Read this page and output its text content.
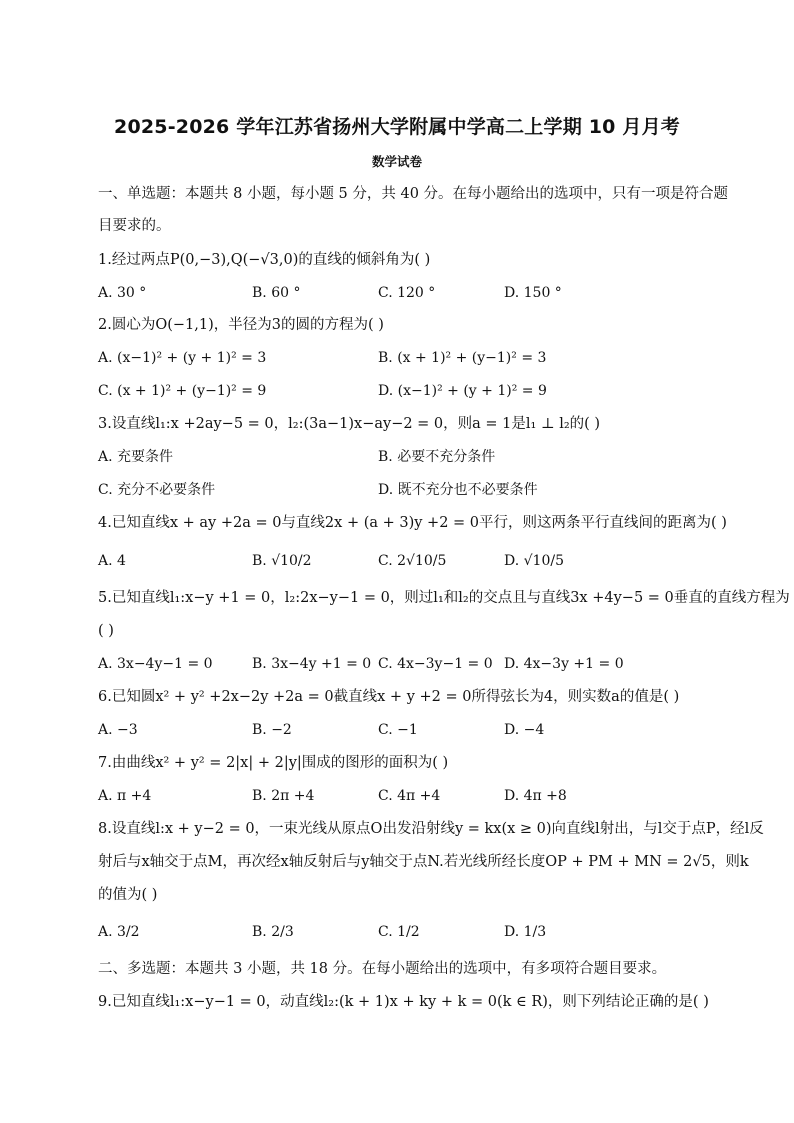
2025-2026 学年江苏省扬州大学附属中学高二上学期 10 月月考
数学试卷
一、单选题：本题共 8 小题，每小题 5 分，共 40 分。在每小题给出的选项中，只有一项是符合题
目要求的。
1.经过两点P(0,−3),Q(−√3,0)的直线的倾斜角为( )
A. 30 °	B. 60 °	C. 120 °	D. 150 °
2.圆心为O(−1,1)，半径为3的圆的方程为( )
A. (x−1)² + (y + 1)² = 3	B. (x + 1)² + (y−1)² = 3
C. (x + 1)² + (y−1)² = 9	D. (x−1)² + (y + 1)² = 9
3.设直线l₁:x +2ay−5 = 0，l₂:(3a−1)x−ay−2 = 0，则a = 1是l₁ ⊥ l₂的( )
A. 充要条件	B. 必要不充分条件
C. 充分不必要条件	D. 既不充分也不必要条件
4.已知直线x + ay +2a = 0与直线2x + (a + 3)y +2 = 0平行，则这两条平行直线间的距离为( )
A. 4	B. √10/2	C. 2√10/5	D. √10/5
5.已知直线l₁:x−y +1 = 0，l₂:2x−y−1 = 0，则过l₁和l₂的交点且与直线3x +4y−5 = 0垂直的直线方程为
( )
A. 3x−4y−1 = 0	B. 3x−4y +1 = 0 C. 4x−3y−1 = 0 D. 4x−3y +1 = 0
6.已知圆x² + y² +2x−2y +2a = 0截直线x + y +2 = 0所得弦长为4，则实数a的值是( )
A. −3	B. −2	C. −1	D. −4
7.由曲线x² + y² = 2|x| + 2|y|围成的图形的面积为( )
A. π +4	B. 2π +4	C. 4π +4	D. 4π +8
8.设直线l:x + y−2 = 0，一束光线从原点O出发沿射线y = kx(x ≥ 0)向直线l射出，与l交于点P，经l反
射后与x轴交于点M，再次经x轴反射后与y轴交于点N.若光线所经长度OP + PM + MN = 2√5，则k
的值为( )
A. 3/2	B. 2/3	C. 1/2	D. 1/3
二、多选题：本题共 3 小题，共 18 分。在每小题给出的选项中，有多项符合题目要求。
9.已知直线l₁:x−y−1 = 0，动直线l₂:(k + 1)x + ky + k = 0(k ∈ R)，则下列结论正确的是( )
